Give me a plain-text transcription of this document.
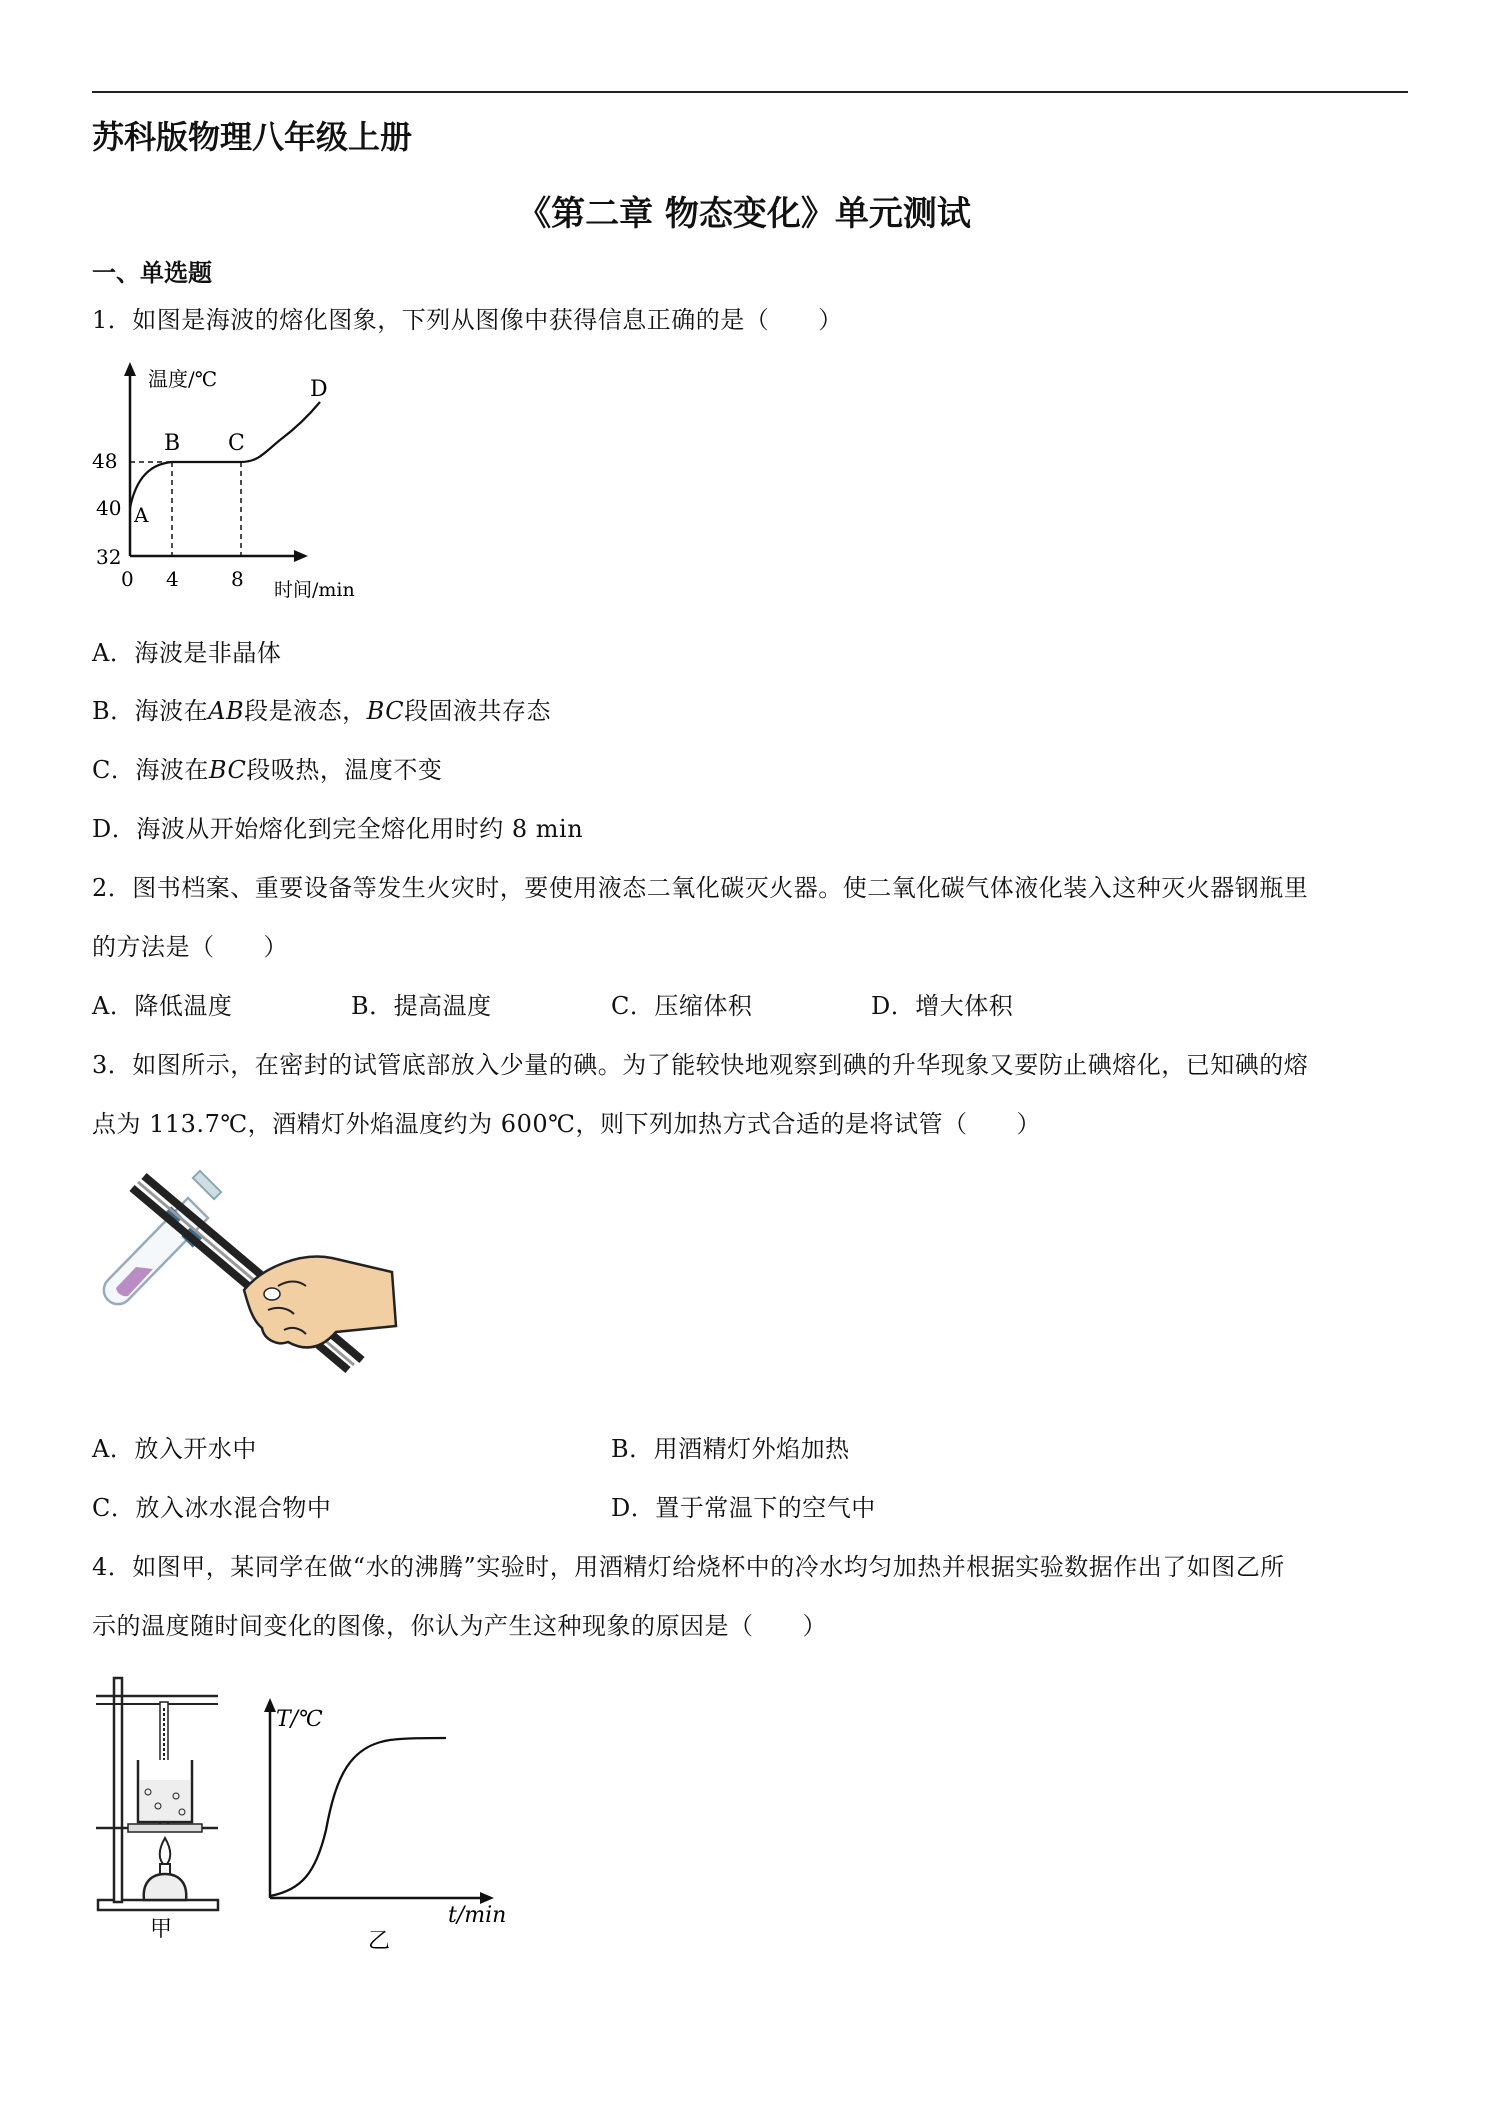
苏科版物理八年级上册
《第二章 物态变化》单元测试
一、单选题
1．如图是海波的熔化图象，下列从图像中获得信息正确的是（　　）
温度/℃
时间/min
48
40
32
0 4	8
A
B C
D
A．海波是非晶体
B．海波在AB段是液态，BC段固液共存态
C．海波在BC段吸热，温度不变
D．海波从开始熔化到完全熔化用时约 8 min
2．图书档案、重要设备等发生火灾时，要使用液态二氧化碳灭火器。使二氧化碳气体液化装入这种灭火器钢瓶里
的方法是（　　）
A．降低温度	B．提高温度	C．压缩体积	D．增大体积
3．如图所示，在密封的试管底部放入少量的碘。为了能较快地观察到碘的升华现象又要防止碘熔化，已知碘的熔
点为 113.7℃，酒精灯外焰温度约为 600℃，则下列加热方式合适的是将试管（　　）
A．放入开水中	B．用酒精灯外焰加热
C．放入冰水混合物中	D．置于常温下的空气中
4．如图甲，某同学在做“水的沸腾”实验时，用酒精灯给烧杯中的冷水均匀加热并根据实验数据作出了如图乙所
示的温度随时间变化的图像，你认为产生这种现象的原因是（　　）
甲
T/℃
t/min
乙
